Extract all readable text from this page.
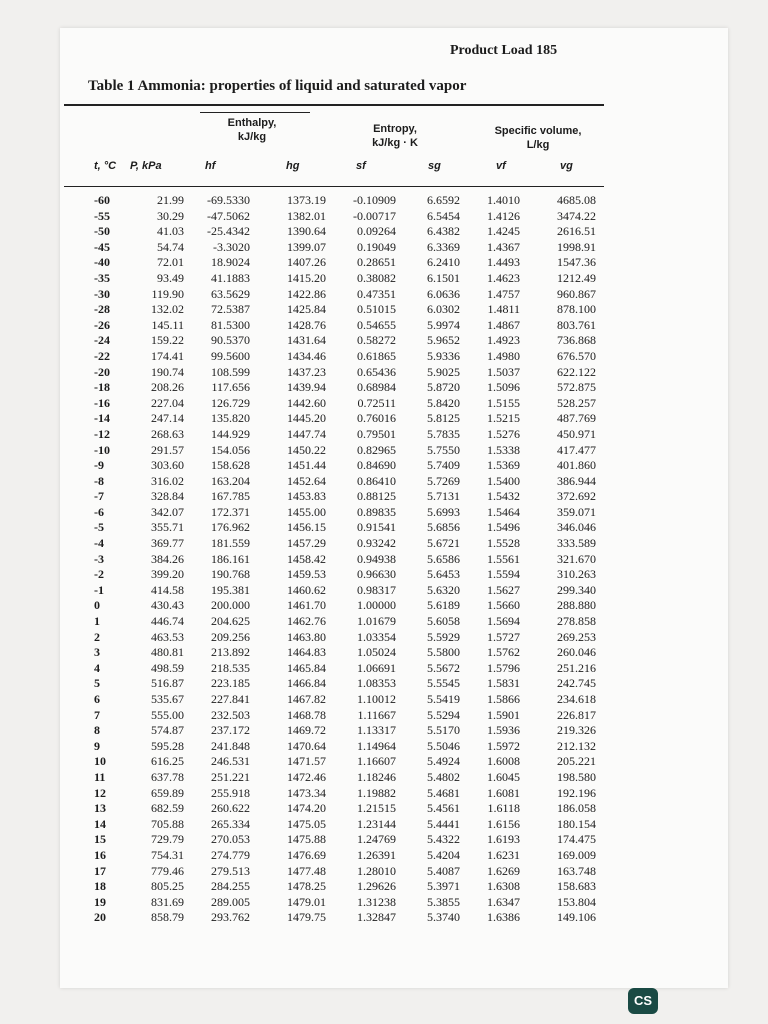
Product Load 185
Table 1 Ammonia: properties of liquid and saturated vapor
Enthalpy,
kJ/kg
Entropy,
kJ/kg · K
Specific volume,
L/kg
t, °C P, kPa	hf	hg	sf	sg	vf	vg
-60	21.99	-69.5330	1373.19	-0.10909	6.6592	1.4010	4685.08
-55	30.29	-47.5062	1382.01	-0.00717	6.5454	1.4126	3474.22
-50	41.03	-25.4342	1390.64	0.09264	6.4382	1.4245	2616.51
-45	54.74	-3.3020	1399.07	0.19049	6.3369	1.4367	1998.91
-40	72.01	18.9024	1407.26	0.28651	6.2410	1.4493	1547.36
-35	93.49	41.1883	1415.20	0.38082	6.1501	1.4623	1212.49
-30	119.90	63.5629	1422.86	0.47351	6.0636	1.4757	960.867
-28	132.02	72.5387	1425.84	0.51015	6.0302	1.4811	878.100
-26	145.11	81.5300	1428.76	0.54655	5.9974	1.4867	803.761
-24	159.22	90.5370	1431.64	0.58272	5.9652	1.4923	736.868
-22	174.41	99.5600	1434.46	0.61865	5.9336	1.4980	676.570
-20	190.74	108.599	1437.23	0.65436	5.9025	1.5037	622.122
-18	208.26	117.656	1439.94	0.68984	5.8720	1.5096	572.875
-16	227.04	126.729	1442.60	0.72511	5.8420	1.5155	528.257
-14	247.14	135.820	1445.20	0.76016	5.8125	1.5215	487.769
-12	268.63	144.929	1447.74	0.79501	5.7835	1.5276	450.971
-10	291.57	154.056	1450.22	0.82965	5.7550	1.5338	417.477
-9	303.60	158.628	1451.44	0.84690	5.7409	1.5369	401.860
-8	316.02	163.204	1452.64	0.86410	5.7269	1.5400	386.944
-7	328.84	167.785	1453.83	0.88125	5.7131	1.5432	372.692
-6	342.07	172.371	1455.00	0.89835	5.6993	1.5464	359.071
-5	355.71	176.962	1456.15	0.91541	5.6856	1.5496	346.046
-4	369.77	181.559	1457.29	0.93242	5.6721	1.5528	333.589
-3	384.26	186.161	1458.42	0.94938	5.6586	1.5561	321.670
-2	399.20	190.768	1459.53	0.96630	5.6453	1.5594	310.263
-1	414.58	195.381	1460.62	0.98317	5.6320	1.5627	299.340
0	430.43	200.000	1461.70	1.00000	5.6189	1.5660	288.880
1	446.74	204.625	1462.76	1.01679	5.6058	1.5694	278.858
2	463.53	209.256	1463.80	1.03354	5.5929	1.5727	269.253
3	480.81	213.892	1464.83	1.05024	5.5800	1.5762	260.046
4	498.59	218.535	1465.84	1.06691	5.5672	1.5796	251.216
5	516.87	223.185	1466.84	1.08353	5.5545	1.5831	242.745
6	535.67	227.841	1467.82	1.10012	5.5419	1.5866	234.618
7	555.00	232.503	1468.78	1.11667	5.5294	1.5901	226.817
8	574.87	237.172	1469.72	1.13317	5.5170	1.5936	219.326
9	595.28	241.848	1470.64	1.14964	5.5046	1.5972	212.132
10	616.25	246.531	1471.57	1.16607	5.4924	1.6008	205.221
11	637.78	251.221	1472.46	1.18246	5.4802	1.6045	198.580
12	659.89	255.918	1473.34	1.19882	5.4681	1.6081	192.196
13	682.59	260.622	1474.20	1.21515	5.4561	1.6118	186.058
14	705.88	265.334	1475.05	1.23144	5.4441	1.6156	180.154
15	729.79	270.053	1475.88	1.24769	5.4322	1.6193	174.475
16	754.31	274.779	1476.69	1.26391	5.4204	1.6231	169.009
17	779.46	279.513	1477.48	1.28010	5.4087	1.6269	163.748
18	805.25	284.255	1478.25	1.29626	5.3971	1.6308	158.683
19	831.69	289.005	1479.01	1.31238	5.3855	1.6347	153.804
20	858.79	293.762	1479.75	1.32847	5.3740	1.6386	149.106
CS
